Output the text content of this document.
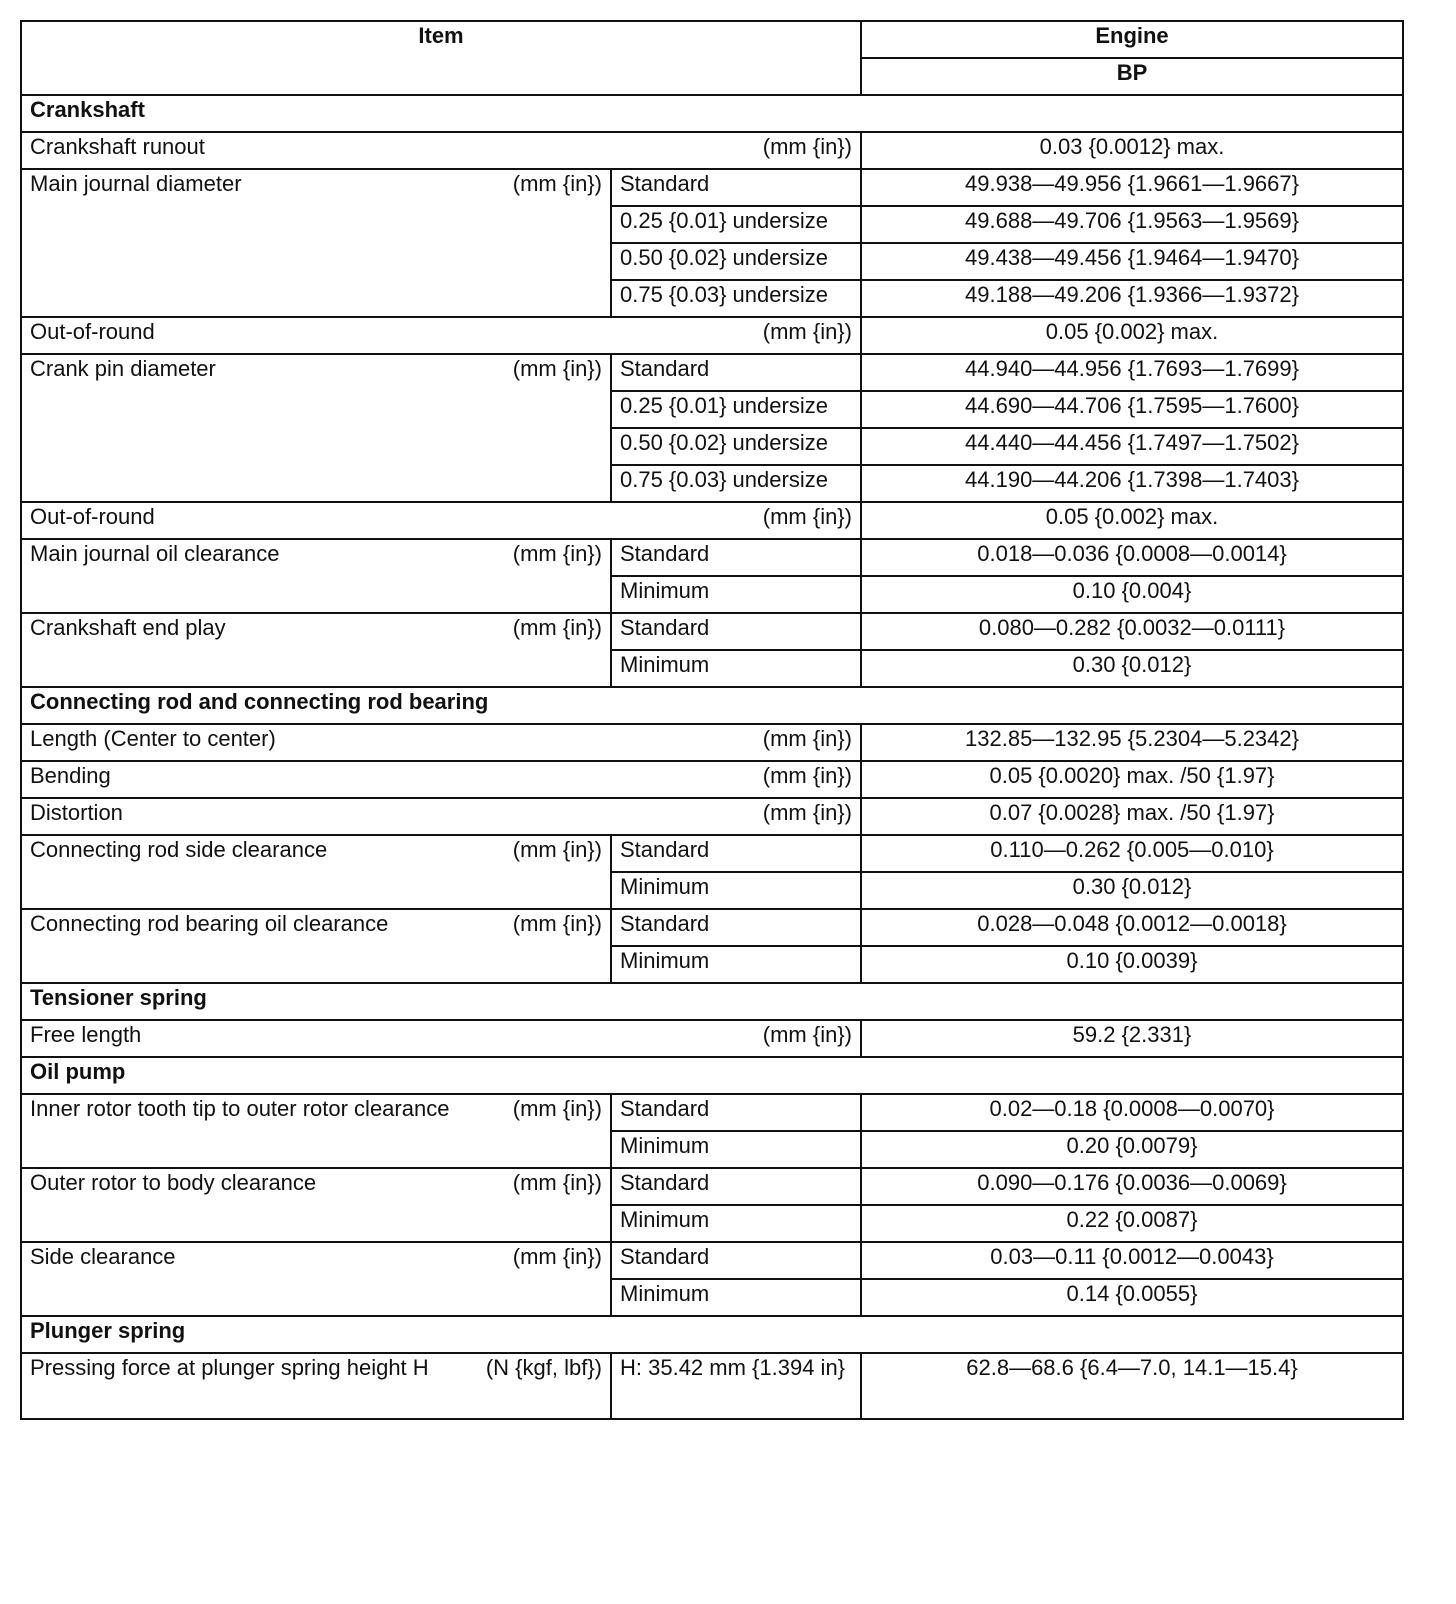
Item		Engine
		BP
Crankshaft		

Crankshaft runout (mm {in})		0.03 {0.0012} max.

Main journal diameter (mm {in})	Standard	49.938—49.956 {1.9661—1.9667}
	0.25 {0.01} undersize	49.688—49.706 {1.9563—1.9569}
	0.50 {0.02} undersize	49.438—49.456 {1.9464—1.9470}
	0.75 {0.03} undersize	49.188—49.206 {1.9366—1.9372}

Out-of-round (mm {in})		0.05 {0.002} max.

Crank pin diameter (mm {in})	Standard	44.940—44.956 {1.7693—1.7699}
	0.25 {0.01} undersize	44.690—44.706 {1.7595—1.7600}
	0.50 {0.02} undersize	44.440—44.456 {1.7497—1.7502}
	0.75 {0.03} undersize	44.190—44.206 {1.7398—1.7403}

Out-of-round (mm {in})		0.05 {0.002} max.

Main journal oil clearance (mm {in})	Standard	0.018—0.036 {0.0008—0.0014}
	Minimum	0.10 {0.004}

Crankshaft end play (mm {in})	Standard	0.080—0.282 {0.0032—0.0111}
	Minimum	0.30 {0.012}
Connecting rod and connecting rod bearing		

Length (Center to center) (mm {in})		132.85—132.95 {5.2304—5.2342}

Bending (mm {in})		0.05 {0.0020} max. /50 {1.97}

Distortion (mm {in})		0.07 {0.0028} max. /50 {1.97}

Connecting rod side clearance (mm {in})	Standard	0.110—0.262 {0.005—0.010}
	Minimum	0.30 {0.012}

Connecting rod bearing oil clearance (mm {in})	Standard	0.028—0.048 {0.0012—0.0018}
	Minimum	0.10 {0.0039}
Tensioner spring		

Free length (mm {in})		59.2 {2.331}
Oil pump		

Inner rotor tooth tip to outer rotor clearance (mm {in})	Standard	0.02—0.18 {0.0008—0.0070}
	Minimum	0.20 {0.0079}

Outer rotor to body clearance (mm {in})	Standard	0.090—0.176 {0.0036—0.0069}
	Minimum	0.22 {0.0087}

Side clearance (mm {in})	Standard	0.03—0.11 {0.0012—0.0043}
	Minimum	0.14 {0.0055}
Plunger spring		

Pressing force at plunger spring height H (N {kgf, lbf})	H: 35.42 mm {1.394 in}	62.8—68.6 {6.4—7.0, 14.1—15.4}
